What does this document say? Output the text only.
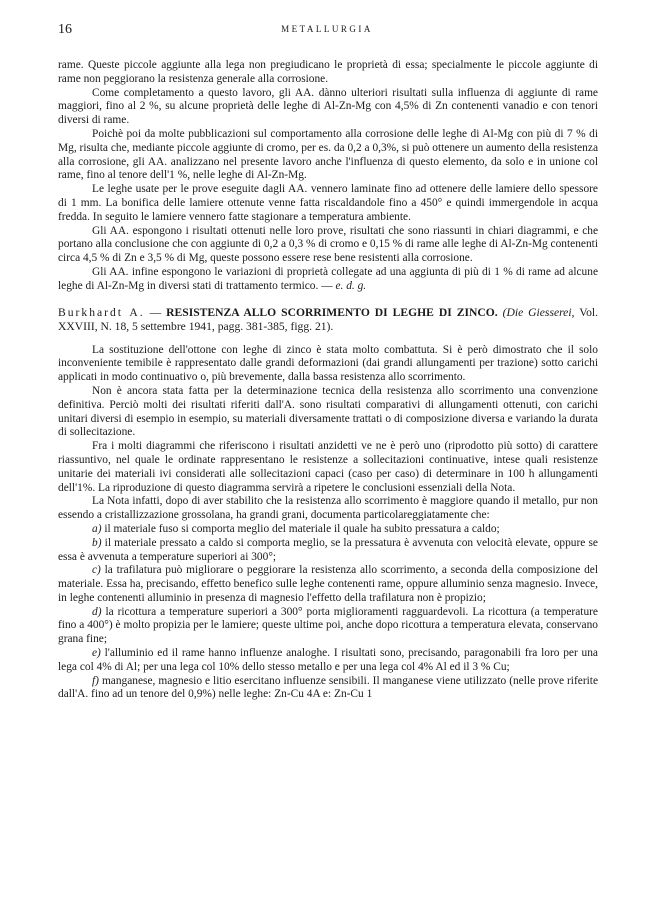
16	METALLURGIA

rame. Queste piccole aggiunte alla lega non pregiudicano le proprietà di essa; specialmente le piccole aggiunte di rame non peggiorano la resistenza generale alla corrosione.

Come completamento a questo lavoro, gli AA. dànno ulteriori risultati sulla influenza di aggiunte di rame maggiori, fino al 2 %, su alcune proprietà delle leghe di Al-Zn-Mg con 4,5% di Zn contenenti vanadio e con tenori diversi di rame.

Poichè poi da molte pubblicazioni sul comportamento alla corrosione delle leghe di Al-Mg con più di 7 % di Mg, risulta che, mediante piccole aggiunte di cromo, per es. da 0,2 a 0,3%, si può ottenere un aumento della resistenza alla corrosione, gli AA. analizzano nel presente lavoro anche l'influenza di questo elemento, da solo e in unione col rame, fino al tenore dell'1 %, nelle leghe di Al-Zn-Mg.

Le leghe usate per le prove eseguite dagli AA. vennero laminate fino ad ottenere delle lamiere dello spessore di 1 mm. La bonifica delle lamiere ottenute venne fatta riscaldandole fino a 450° e quindi immergendole in acqua fredda. In seguito le lamiere vennero fatte stagionare a temperatura ambiente.

Gli AA. espongono i risultati ottenuti nelle loro prove, risultati che sono riassunti in chiari diagrammi, e che portano alla conclusione che con aggiunte di 0,2 a 0,3 % di cromo e 0,15 % di rame alle leghe di Al-Zn-Mg contenenti circa 4,5 % di Zn e 3,5 % di Mg, queste possono essere rese bene resistenti alla corrosione.

Gli AA. infine espongono le variazioni di proprietà collegate ad una aggiunta di più di 1 % di rame ad alcune leghe di Al-Zn-Mg in diversi stati di trattamento termico. — e. d. g.

Burkhardt A. — RESISTENZA ALLO SCORRIMENTO DI LEGHE DI ZINCO. (Die Giesserei, Vol. XXVIII, N. 18, 5 settembre 1941, pagg. 381-385, figg. 21).

La sostituzione dell'ottone con leghe di zinco è stata molto combattuta. Si è però dimostrato che il solo inconveniente temibile è rappresentato dalle grandi deformazioni (dai grandi allungamenti per trazione) sotto carichi applicati in modo continuativo o, più brevemente, dalla bassa resistenza allo scorrimento.

Non è ancora stata fatta per la determinazione tecnica della resistenza allo scorrimento una convenzione definitiva. Perciò molti dei risultati riferiti dall'A. sono risultati comparativi di allungamenti ottenuti, con carichi unitari diversi di esempio in esempio, su materiali diversamente trattati o di composizione diversa e variando la durata di sollecitazione.

Fra i molti diagrammi che riferiscono i risultati anzidetti ve ne è però uno (riprodotto più sotto) di carattere riassuntivo, nel quale le ordinate rappresentano le resistenze a sollecitazioni continuative, intese quali resistenze unitarie dei materiali ivi considerati alle sollecitazioni capaci (caso per caso) di determinare in 100 h allungamenti dell'1%. La riproduzione di questo diagramma servirà a ripetere le conclusioni essenziali della Nota.

La Nota infatti, dopo di aver stabilito che la resistenza allo scorrimento è maggiore quando il metallo, pur non essendo a cristallizzazione grossolana, ha grandi grani, documenta particolareggiatamente che:

a) il materiale fuso si comporta meglio del materiale il quale ha subito pressatura a caldo;

b) il materiale pressato a caldo si comporta meglio, se la pressatura è avvenuta con velocità elevate, oppure se essa è avvenuta a temperature superiori ai 300°;

c) la trafilatura può migliorare o peggiorare la resistenza allo scorrimento, a seconda della composizione del materiale. Essa ha, precisando, effetto benefico sulle leghe contenenti rame, oppure alluminio senza magnesio. Invece, in leghe contenenti alluminio in presenza di magnesio l'effetto della trafilatura non è propizio;

d) la ricottura a temperature superiori a 300° porta miglioramenti ragguardevoli. La ricottura (a temperature fino a 400°) è molto propizia per le lamiere; queste ultime poi, anche dopo ricottura a temperatura elevata, conservano grana fine;

e) l'alluminio ed il rame hanno influenze analoghe. I risultati sono, precisando, paragonabili fra loro per una lega col 4% di Al; per una lega col 10% dello stesso metallo e per una lega col 4% Al ed il 3 % Cu;

f) manganese, magnesio e litio esercitano influenze sensibili. Il manganese viene utilizzato (nelle prove riferite dall'A. fino ad un tenore del 0,9%) nelle leghe: Zn-Cu 4A e: Zn-Cu 1
